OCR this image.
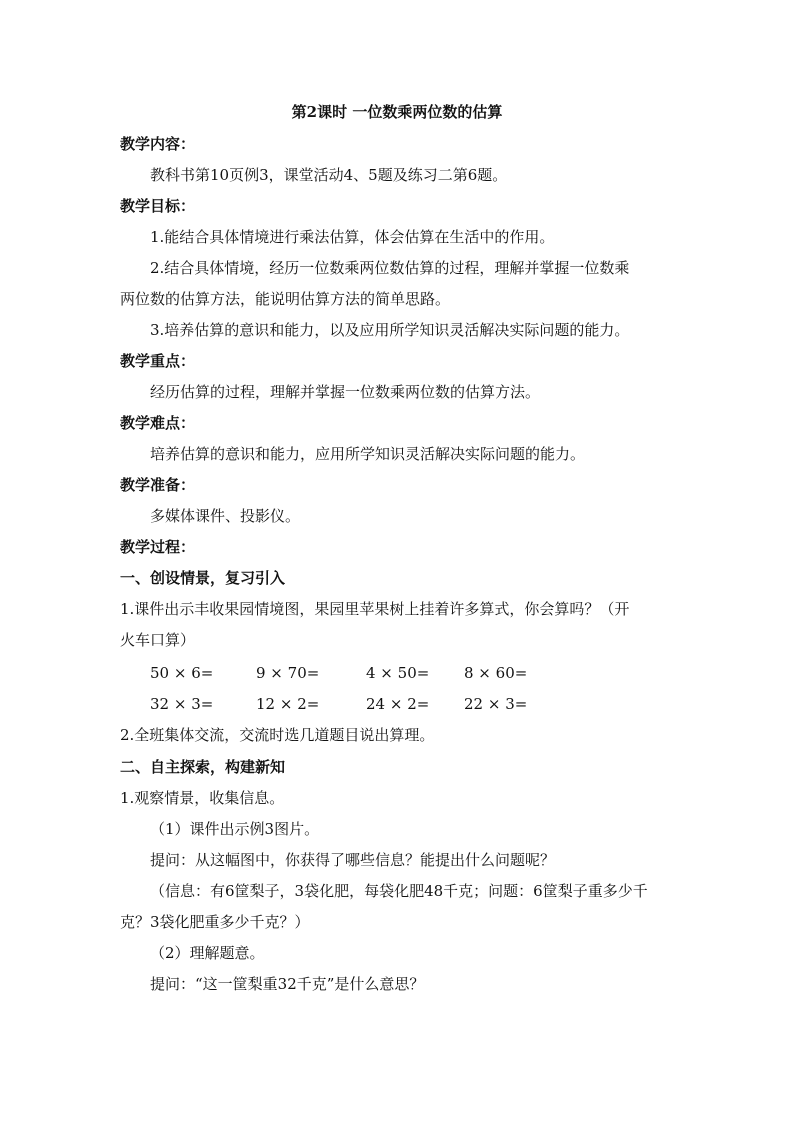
第2课时 一位数乘两位数的估算
教学内容：
教科书第10页例3，课堂活动4、5题及练习二第6题。
教学目标：
1.能结合具体情境进行乘法估算，体会估算在生活中的作用。
2.结合具体情境，经历一位数乘两位数估算的过程，理解并掌握一位数乘
两位数的估算方法，能说明估算方法的简单思路。
3.培养估算的意识和能力，以及应用所学知识灵活解决实际问题的能力。
教学重点：
经历估算的过程，理解并掌握一位数乘两位数的估算方法。
教学难点：
培养估算的意识和能力，应用所学知识灵活解决实际问题的能力。
教学准备：
多媒体课件、投影仪。
教学过程：
一、创设情景，复习引入
1.课件出示丰收果园情境图，果园里苹果树上挂着许多算式，你会算吗？（开
火车口算）
50 × 6=	9 × 70=	4 × 50= 8 × 60=
32 × 3=	12 × 2=	24 × 2= 22 × 3=
2.全班集体交流，交流时选几道题目说出算理。
二、自主探索，构建新知
1.观察情景，收集信息。
（1）课件出示例3图片。
提问：从这幅图中，你获得了哪些信息？能提出什么问题呢？
（信息：有6筐梨子，3袋化肥，每袋化肥48千克；问题：6筐梨子重多少千
克？3袋化肥重多少千克？）
（2）理解题意。
提问：“这一筐梨重32千克”是什么意思？
